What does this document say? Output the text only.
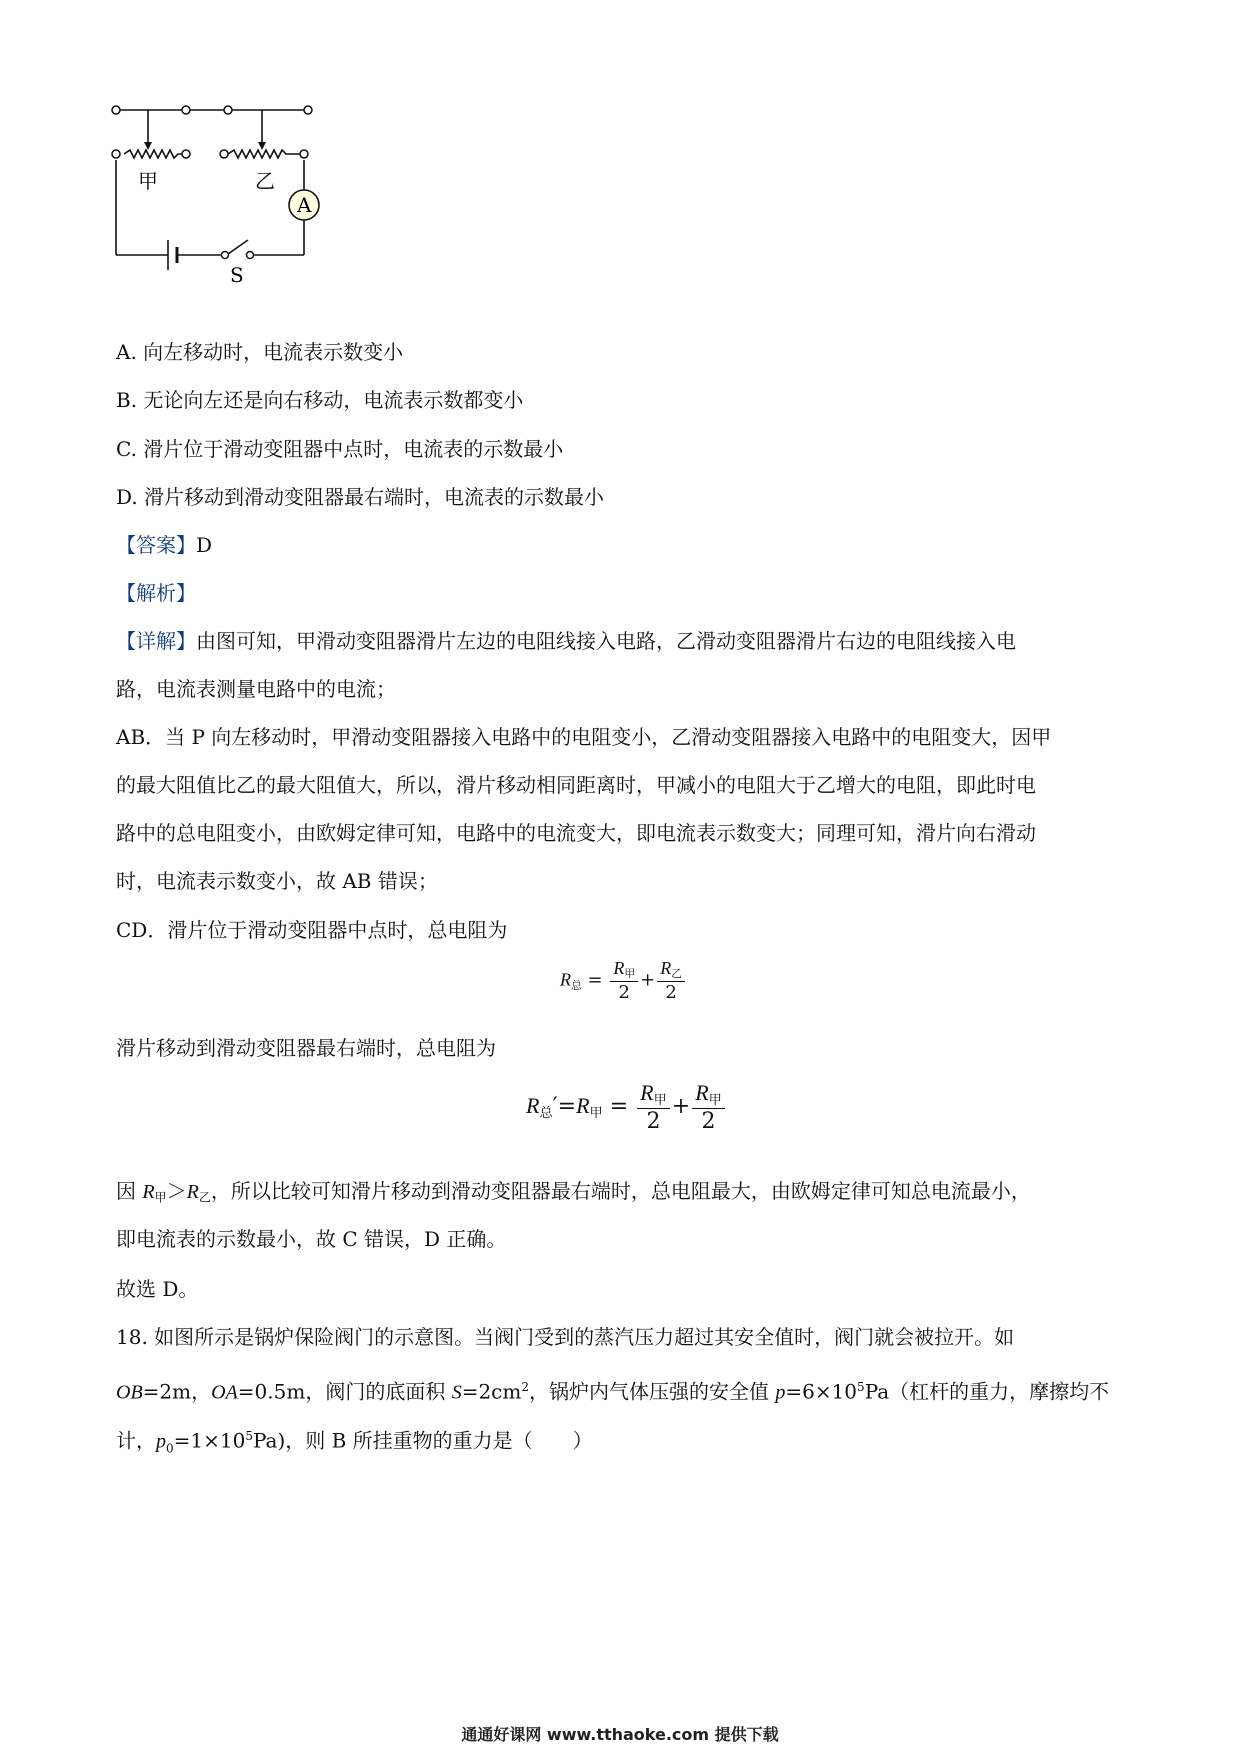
甲	乙
A
S
A. 向左移动时，电流表示数变小
B. 无论向左还是向右移动，电流表示数都变小
C. 滑片位于滑动变阻器中点时，电流表的示数最小
D. 滑片移动到滑动变阻器最右端时，电流表的示数最小
【答案】D
【解析】
【详解】由图可知，甲滑动变阻器滑片左边的电阻线接入电路，乙滑动变阻器滑片右边的电阻线接入电
路，电流表测量电路中的电流；
AB．当 P 向左移动时，甲滑动变阻器接入电路中的电阻变小，乙滑动变阻器接入电路中的电阻变大，因甲
的最大阻值比乙的最大阻值大，所以，滑片移动相同距离时，甲减小的电阻大于乙增大的电阻，即此时电
路中的总电阻变小，由欧姆定律可知，电路中的电流变大，即电流表示数变大；同理可知，滑片向右滑动
时，电流表示数变小，故 AB 错误；
CD．滑片位于滑动变阻器中点时，总电阻为
$R_总 = \frac{R_甲}{2} + \frac{R_乙}{2}$
滑片移动到滑动变阻器最右端时，总电阻为
$R_总'=R_甲 = \frac{R_甲}{2} + \frac{R_甲}{2}$
因 $R_甲>R_乙$，所以比较可知滑片移动到滑动变阻器最右端时，总电阻最大，由欧姆定律可知总电流最小，
即电流表的示数最小，故 C 错误，D 正确。
故选 D。
18. 如图所示是锅炉保险阀门的示意图。当阀门受到的蒸汽压力超过其安全值时，阀门就会被拉开。如
OB=2m，OA=0.5m，阀门的底面积 $S=2cm^2$，锅炉内气体压强的安全值 $p=6\times 10^5Pa$（杠杆的重力，摩擦均不
计，$p_0=1\times 10^5Pa$)，则 B 所挂重物的重力是（　　）
通通好课网 www.tthaoke.com 提供下载
